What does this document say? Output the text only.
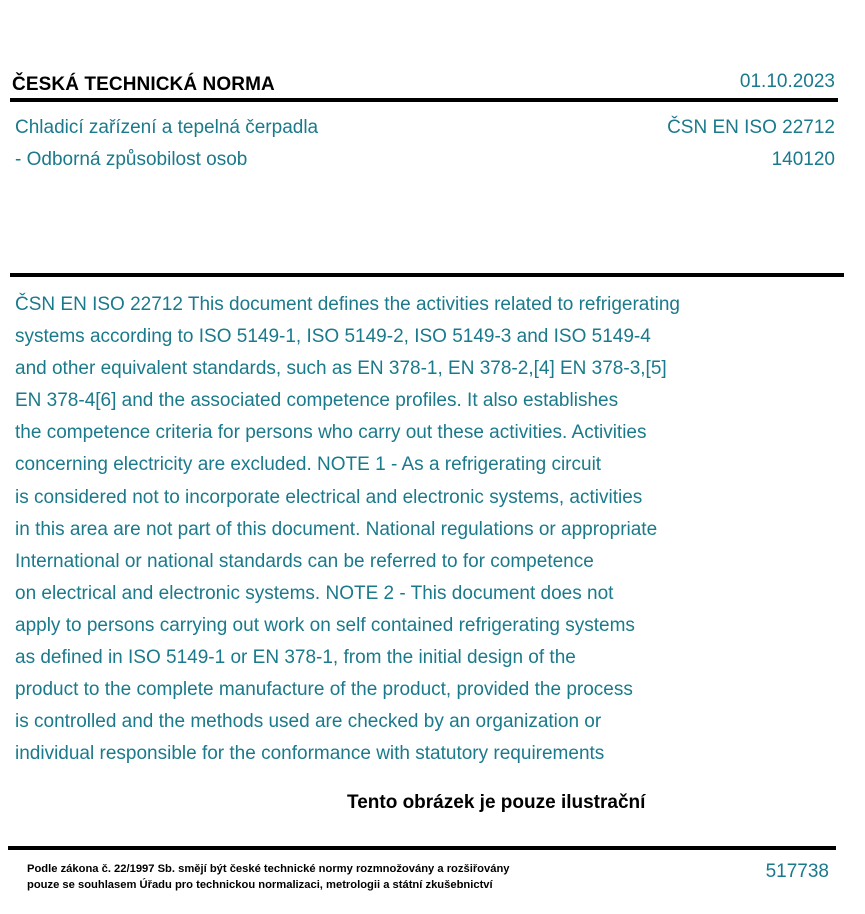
ČESKÁ TECHNICKÁ NORMA	01.10.2023
Chladicí zařízení a tepelná čerpadla
- Odborná způsobilost osob
ČSN EN ISO 22712
140120
ČSN EN ISO 22712 This document defines the activities related to refrigerating
systems according to ISO 5149-1, ISO 5149-2, ISO 5149-3 and ISO 5149-4
and other equivalent standards, such as EN 378-1, EN 378-2,[4] EN 378-3,[5]
EN 378-4[6] and the associated competence profiles. It also establishes
the competence criteria for persons who carry out these activities. Activities
concerning electricity are excluded. NOTE 1 - As a refrigerating circuit
is considered not to incorporate electrical and electronic systems, activities
in this area are not part of this document. National regulations or appropriate
International or national standards can be referred to for competence
on electrical and electronic systems. NOTE 2 - This document does not
apply to persons carrying out work on self contained refrigerating systems
as defined in ISO 5149-1 or EN 378-1, from the initial design of the
product to the complete manufacture of the product, provided the process
is controlled and the methods used are checked by an organization or
individual responsible for the conformance with statutory requirements
Tento obrázek je pouze ilustrační
Podle zákona č. 22/1997 Sb. smějí být české technické normy rozmnožovány a rozšiřovány
pouze se souhlasem Úřadu pro technickou normalizaci, metrologii a státní zkušebnictví
517738
